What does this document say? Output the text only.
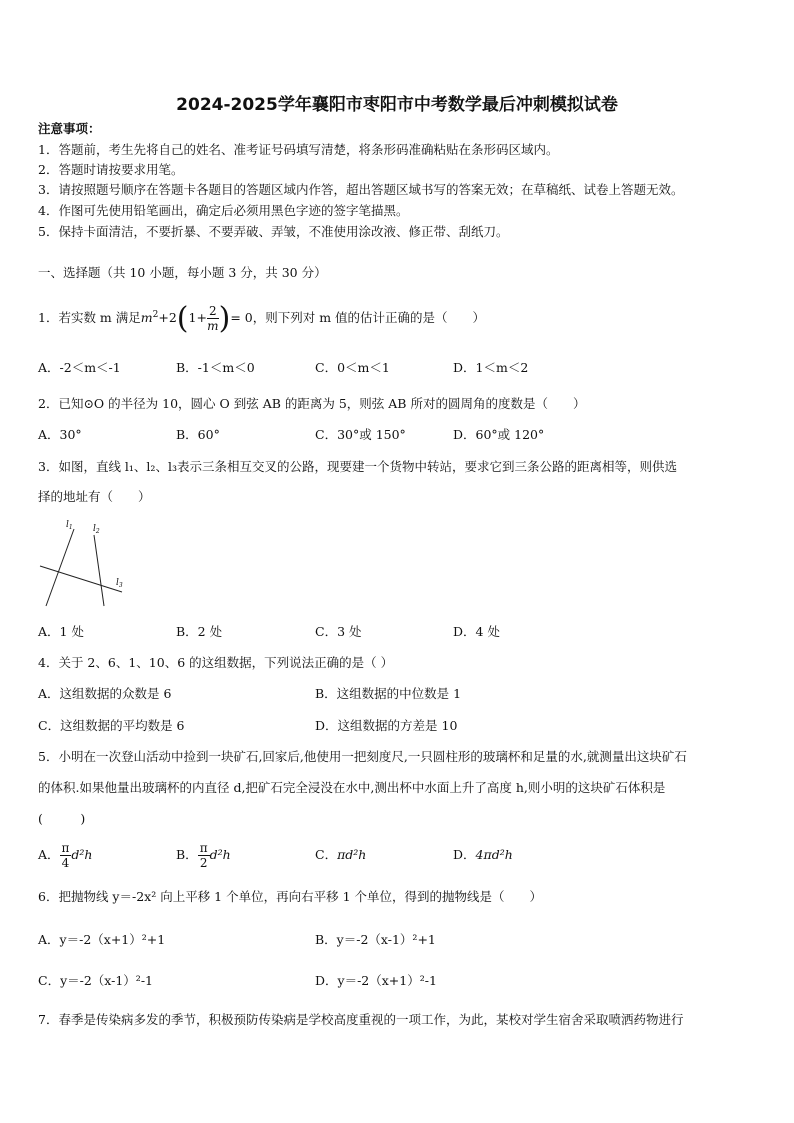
2024-2025学年襄阳市枣阳市中考数学最后冲刺模拟试卷
注意事项：
1．答题前，考生先将自己的姓名、准考证号码填写清楚，将条形码准确粘贴在条形码区域内。
2．答题时请按要求用笔。
3．请按照题号顺序在答题卡各题目的答题区域内作答，超出答题区域书写的答案无效；在草稿纸、试卷上答题无效。
4．作图可先使用铅笔画出，确定后必须用黑色字迹的签字笔描黑。
5．保持卡面清洁，不要折暴、不要弄破、弄皱，不准使用涂改液、修正带、刮纸刀。
一、选择题（共 10 小题，每小题 3 分，共 30 分）
1．若实数 m 满足$m^2+2(1+ \frac{2}{m}$ )= 0，则下列对 m 值的估计正确的是（　　）
A．-2＜m＜-1	B．-1＜m＜0	C．0＜m＜1	D．1＜m＜2
2．已知⊙O 的半径为 10，圆心 O 到弦 AB 的距离为 5，则弦 AB 所对的圆周角的度数是（　　）
A．30°	B．60°	C．30°或 150°	D．60°或 120°
3．如图，直线 l₁、l₂、l₃表示三条相互交叉的公路，现要建一个货物中转站，要求它到三条公路的距离相等，则供选
择的地址有（　　）
$l_1$ $l_2$
$l_3$
A．1 处	B．2 处	C．3 处	D．4 处
4．关于 2、6、1、10、6 的这组数据，下列说法正确的是（ ）
A．这组数据的众数是 6	B．这组数据的中位数是 1
C．这组数据的平均数是 6	D．这组数据的方差是 10
5．小明在一次登山活动中捡到一块矿石,回家后,他使用一把刻度尺,一只圆柱形的玻璃杯和足量的水,就测量出这块矿石
的体积.如果他量出玻璃杯的内直径 d,把矿石完全浸没在水中,测出杯中水面上升了高度 h,则小明的这块矿石体积是
(　　　)
A． $\frac{\pi}{4} d^2h$	B． $\frac{\pi}{2} d^2h$	C．πd²h	D．4πd²h
6．把抛物线 y＝-2x² 向上平移 1 个单位，再向右平移 1 个单位，得到的抛物线是（　　）
A．y＝-2（x+1）²+1	B．y＝-2（x-1）²+1
C．y＝-2（x-1）²-1	D．y＝-2（x+1）²-1
7．春季是传染病多发的季节，积极预防传染病是学校高度重视的一项工作，为此，某校对学生宿舍采取喷洒药物进行
